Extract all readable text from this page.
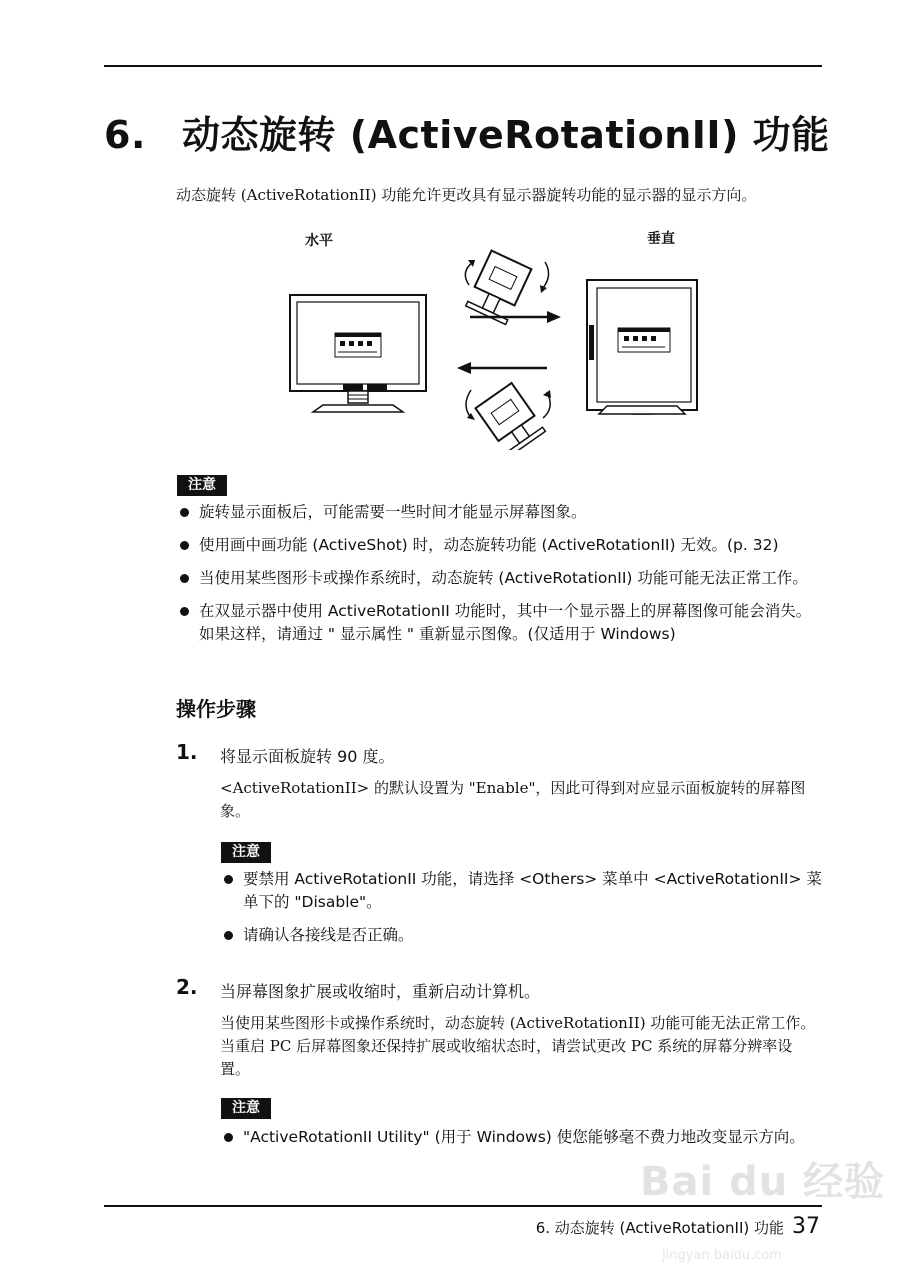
6. 动态旋转 (ActiveRotationII) 功能
动态旋转 (ActiveRotationII) 功能允许更改具有显示器旋转功能的显示器的显示方向。
水平	垂直
注意
旋转显示面板后，可能需要一些时间才能显示屏幕图象。
使用画中画功能 (ActiveShot) 时，动态旋转功能 (ActiveRotationII) 无效。(p. 32)
当使用某些图形卡或操作系统时，动态旋转 (ActiveRotationII) 功能可能无法正常工作。
在双显示器中使用 ActiveRotationII 功能时，其中一个显示器上的屏幕图像可能会消失。如果这样，请通过 " 显示属性 " 重新显示图像。(仅适用于 Windows)
操作步骤
1. 将显示面板旋转 90 度。
<ActiveRotationII> 的默认设置为 "Enable"，因此可得到对应显示面板旋转的屏幕图象。
注意
要禁用 ActiveRotationII 功能，请选择 <Others> 菜单中 <ActiveRotationII> 菜单下的 "Disable"。
请确认各接线是否正确。
2. 当屏幕图象扩展或收缩时，重新启动计算机。
当使用某些图形卡或操作系统时，动态旋转 (ActiveRotationII) 功能可能无法正常工作。当重启 PC 后屏幕图象还保持扩展或收缩状态时，请尝试更改 PC 系统的屏幕分辨率设置。
注意
"ActiveRotationII Utility" (用于 Windows) 使您能够毫不费力地改变显示方向。
Bai du 经验
jingyan.baidu.com
6. 动态旋转 (ActiveRotationII) 功能 37
